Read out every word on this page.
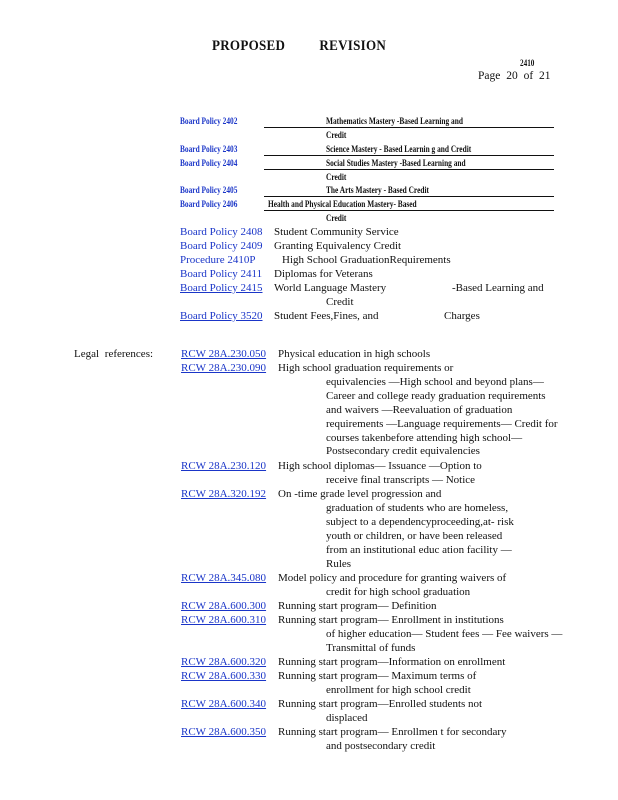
PROPOSED REVISION
2410
Page 20 of 21
Board Policy 2402	Mathematics Mastery -Based Learning and
Credit
Board Policy 2403	Science Mastery - Based Learnin g and Credit
Board Policy 2404	Social Studies Mastery -Based Learning and
Credit
Board Policy 2405	The Arts Mastery - Based Credit
Board Policy 2406	Health and Physical Education Mastery- Based
Credit
Board Policy 2408 Student Community Service
Board Policy 2409 Granting Equivalency Credit
Procedure 2410P High School GraduationRequirements
Board Policy 2411 Diplomas for Veterans
Board Policy 2415 World Language Mastery	-Based Learning and
Credit
Board Policy 3520 Student Fees,Fines, and	Charges
Legal references:	RCW 28A.230.050 Physical education in high schools
RCW 28A.230.090 High school graduation requirements or
equivalencies —High school and beyond plans—
Career and college ready graduation requirements
and waivers —Reevaluation of graduation
requirements —Language requirements— Credit for
courses takenbefore attending high school—
Postsecondary credit equivalencies
RCW 28A.230.120 High school diplomas— Issuance —Option to
receive final transcripts — Notice
RCW 28A.320.192 On -time grade level progression and
graduation of students who are homeless,
subject to a dependencyproceeding,at- risk
youth or children, or have been released
from an institutional educ ation facility —
Rules
RCW 28A.345.080 Model policy and procedure for granting waivers of
credit for high school graduation
RCW 28A.600.300 Running start program— Definition
RCW 28A.600.310 Running start program— Enrollment in institutions
of higher education— Student fees — Fee waivers —
Transmittal of funds
RCW 28A.600.320 Running start program—Information on enrollment
RCW 28A.600.330 Running start program— Maximum terms of
enrollment for high school credit
RCW 28A.600.340 Running start program—Enrolled students not
displaced
RCW 28A.600.350 Running start program— Enrollmen t for secondary
and postsecondary credit
